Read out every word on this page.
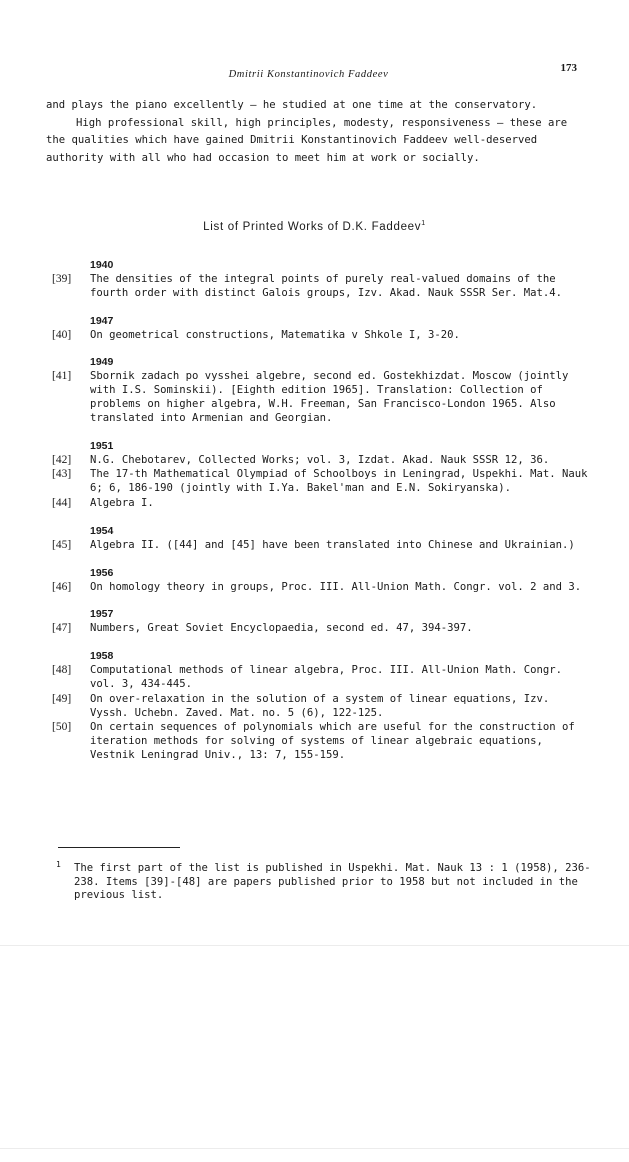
Dmitrii Konstantinovich Faddeev
173

and plays the piano excellently – he studied at one time at the conservatory.

High professional skill, high principles, modesty, responsiveness – these are the qualities which have gained Dmitrii Konstantinovich Faddeev well-deserved authority with all who had occasion to meet him at work or socially.

List of Printed Works of D.K. Faddeev$^1$
1940
[39] The densities of the integral points of purely real-valued domains of the fourth order with distinct Galois groups, Izv. Akad. Nauk SSSR Ser. Mat.4.
1947
[40] On geometrical constructions, Matematika v Shkole I, 3-20.
1949
[41] Sbornik zadach po vysshei algebre, second ed. Gostekhizdat. Moscow (jointly with I.S. Sominskii). [Eighth edition 1965]. Translation: Collection of problems on higher algebra, W.H. Freeman, San Francisco-London 1965. Also translated into Armenian and Georgian.
1951
[42] N.G. Chebotarev, Collected Works; vol. 3, Izdat. Akad. Nauk SSSR 12, 36.
[43] The 17-th Mathematical Olympiad of Schoolboys in Leningrad, Uspekhi. Mat. Nauk 6; 6, 186-190 (jointly with I.Ya. Bakel'man and E.N. Sokiryanska).
[44] Algebra I.
1954
[45] Algebra II. ([44] and [45] have been translated into Chinese and Ukrainian.)
1956
[46] On homology theory in groups, Proc. III. All-Union Math. Congr. vol. 2 and 3.
1957
[47] Numbers, Great Soviet Encyclopaedia, second ed. 47, 394-397.
1958
[48] Computational methods of linear algebra, Proc. III. All-Union Math. Congr. vol. 3, 434-445.
[49] On over-relaxation in the solution of a system of linear equations, Izv. Vyssh. Uchebn. Zaved. Mat. no. 5 (6), 122-125.
[50] On certain sequences of polynomials which are useful for the construction of iteration methods for solving of systems of linear algebraic equations, Vestnik Leningrad Univ., 13: 7, 155-159.
1 The first part of the list is published in Uspekhi. Mat. Nauk 13 : 1 (1958), 236-238. Items [39]-[48] are papers published prior to 1958 but not included in the previous list.
